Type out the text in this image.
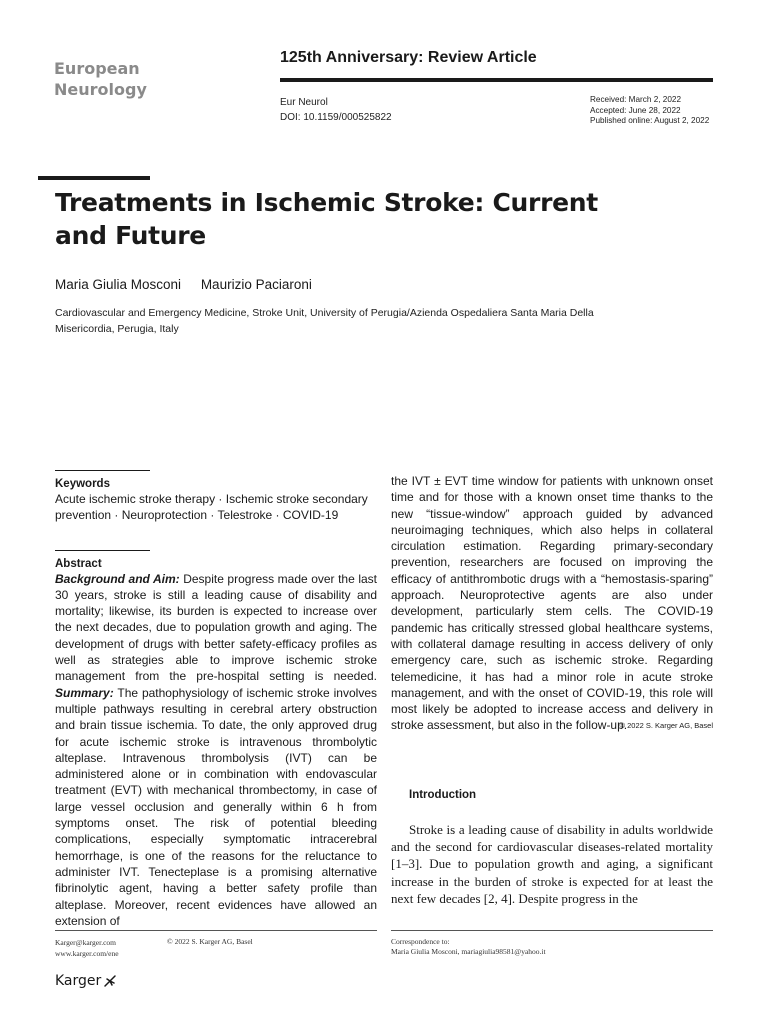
European Neurology
125th Anniversary: Review Article
Eur Neurol
DOI: 10.1159/000525822
Received: March 2, 2022
Accepted: June 28, 2022
Published online: August 2, 2022
Treatments in Ischemic Stroke: Current and Future
Maria Giulia Mosconi Maurizio Paciaroni
Cardiovascular and Emergency Medicine, Stroke Unit, University of Perugia/Azienda Ospedaliera Santa Maria Della Misericordia, Perugia, Italy
Keywords
Acute ischemic stroke therapy · Ischemic stroke secondary prevention · Neuroprotection · Telestroke · COVID-19
Abstract
Background and Aim: Despite progress made over the last 30 years, stroke is still a leading cause of disability and mortality; likewise, its burden is expected to increase over the next decades, due to population growth and aging. The development of drugs with better safety-efficacy profiles as well as strategies able to improve ischemic stroke management from the pre-hospital setting is needed. Summary: The pathophysiology of ischemic stroke involves multiple pathways resulting in cerebral artery obstruction and brain tissue ischemia. To date, the only approved drug for acute ischemic stroke is intravenous thrombolytic alteplase. Intravenous thrombolysis (IVT) can be administered alone or in combination with endovascular treatment (EVT) with mechanical thrombectomy, in case of large vessel occlusion and generally within 6 h from symptoms onset. The risk of potential bleeding complications, especially symptomatic intracerebral hemorrhage, is one of the reasons for the reluctance to administer IVT. Tenecteplase is a promising alternative fibrinolytic agent, having a better safety profile than alteplase. Moreover, recent evidences have allowed an extension of
the IVT ± EVT time window for patients with unknown onset time and for those with a known onset time thanks to the new “tissue-window” approach guided by advanced neuroimaging techniques, which also helps in collateral circulation estimation. Regarding primary-secondary prevention, researchers are focused on improving the efficacy of antithrombotic drugs with a “hemostasis-sparing” approach. Neuroprotective agents are also under development, particularly stem cells. The COVID-19 pandemic has critically stressed global healthcare systems, with collateral damage resulting in access delivery of only emergency care, such as ischemic stroke. Regarding telemedicine, it has had a minor role in acute stroke management, and with the onset of COVID-19, this role will most likely be adopted to increase access and delivery in stroke assessment, but also in the follow-up.
© 2022 S. Karger AG, Basel
Introduction
Stroke is a leading cause of disability in adults worldwide and the second for cardiovascular diseases-related mortality [1–3]. Due to population growth and aging, a significant increase in the burden of stroke is expected for at least the next few decades [2, 4]. Despite progress in the
Karger@karger.com
www.karger.com/ene
© 2022 S. Karger AG, Basel	Correspondence to:
Maria Giulia Mosconi, mariagiulia98581@yahoo.it
Karger
